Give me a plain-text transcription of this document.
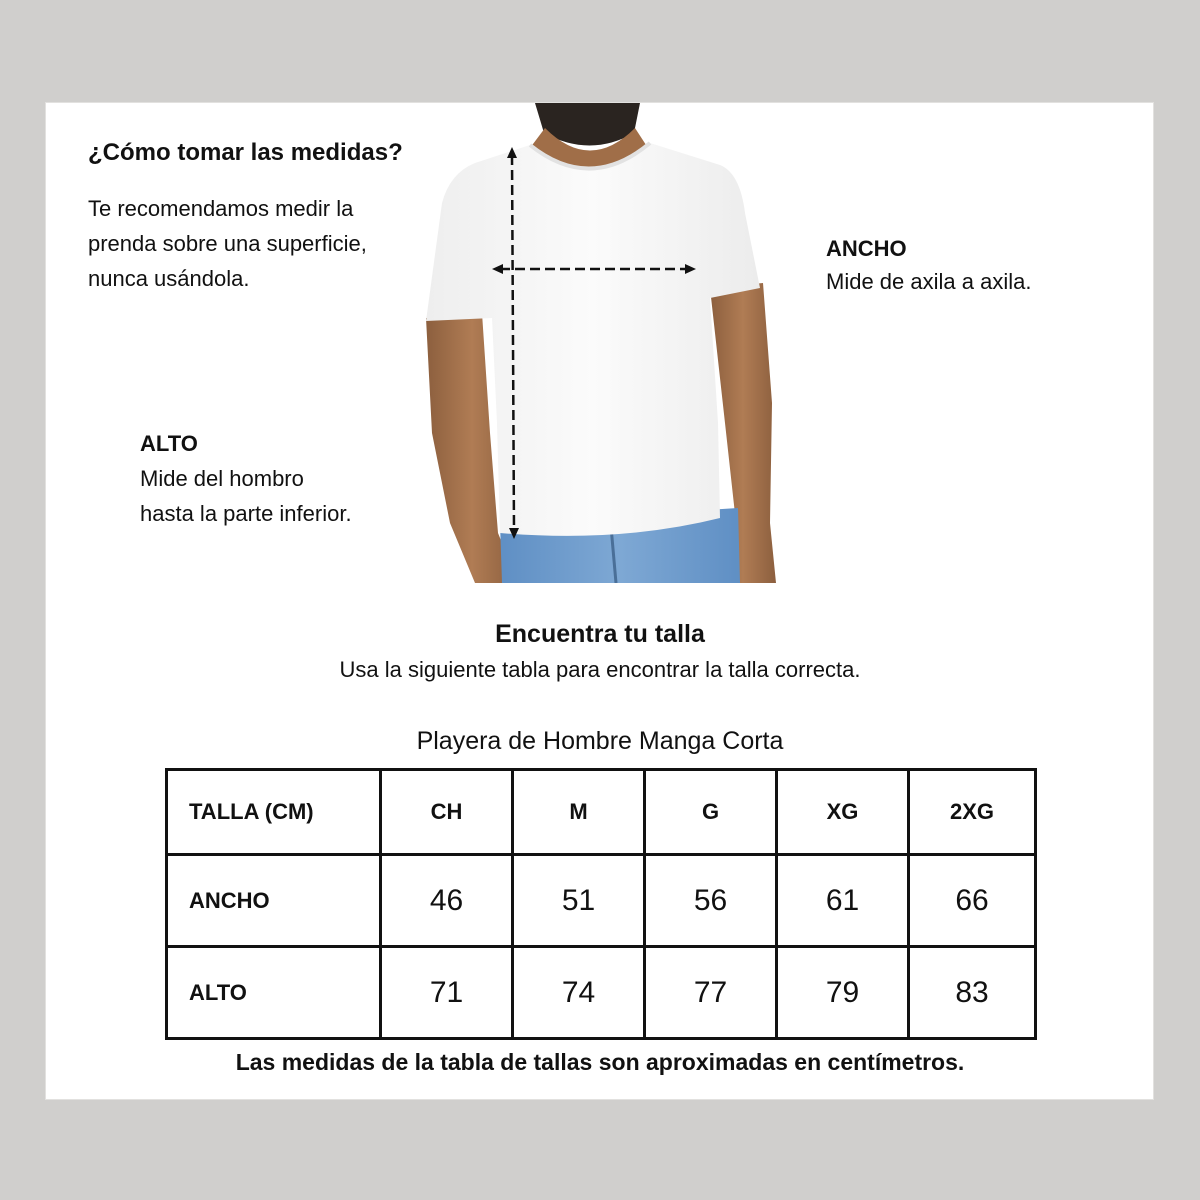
¿Cómo tomar las medidas?
Te recomendamos medir la
prenda sobre una superficie,
nunca usándola.
ANCHO
Mide de axila a axila.
ALTO
Mide del hombro
hasta la parte inferior.
Encuentra tu talla
Usa la siguiente tabla para encontrar la talla correcta.
Playera de Hombre Manga Corta
TALLA (CM)	CH	M	G	XG	2XG
ANCHO	46	51	56	61	66
ALTO	71	74	77	79	83
Las medidas de la tabla de tallas son aproximadas en centímetros.
